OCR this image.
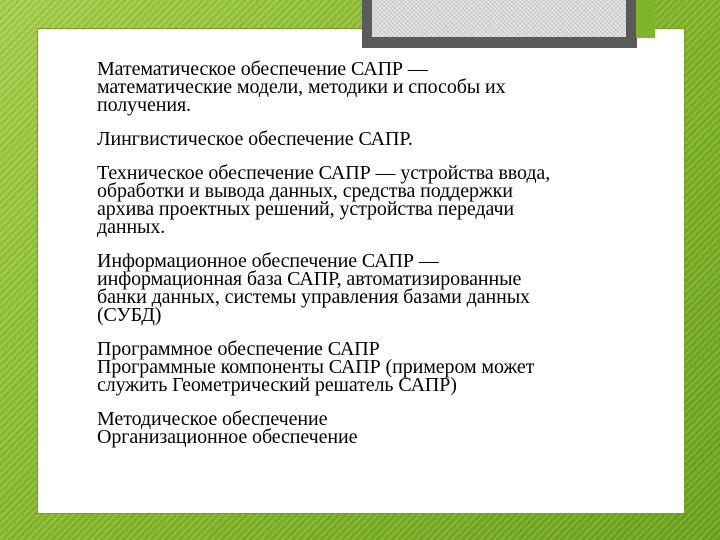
Математическое обеспечение САПР —
математические модели, методики и способы их
получения.

Лингвистическое обеспечение САПР.

Техническое обеспечение САПР — устройства ввода,
обработки и вывода данных, средства поддержки
архива проектных решений, устройства передачи
данных.

Информационное обеспечение САПР —
информационная база САПР, автоматизированные
банки данных, системы управления базами данных
(СУБД)

Программное обеспечение САПР
Программные компоненты САПР (примером может
служить Геометрический решатель САПР)

Методическое обеспечение
Организационное обеспечение
